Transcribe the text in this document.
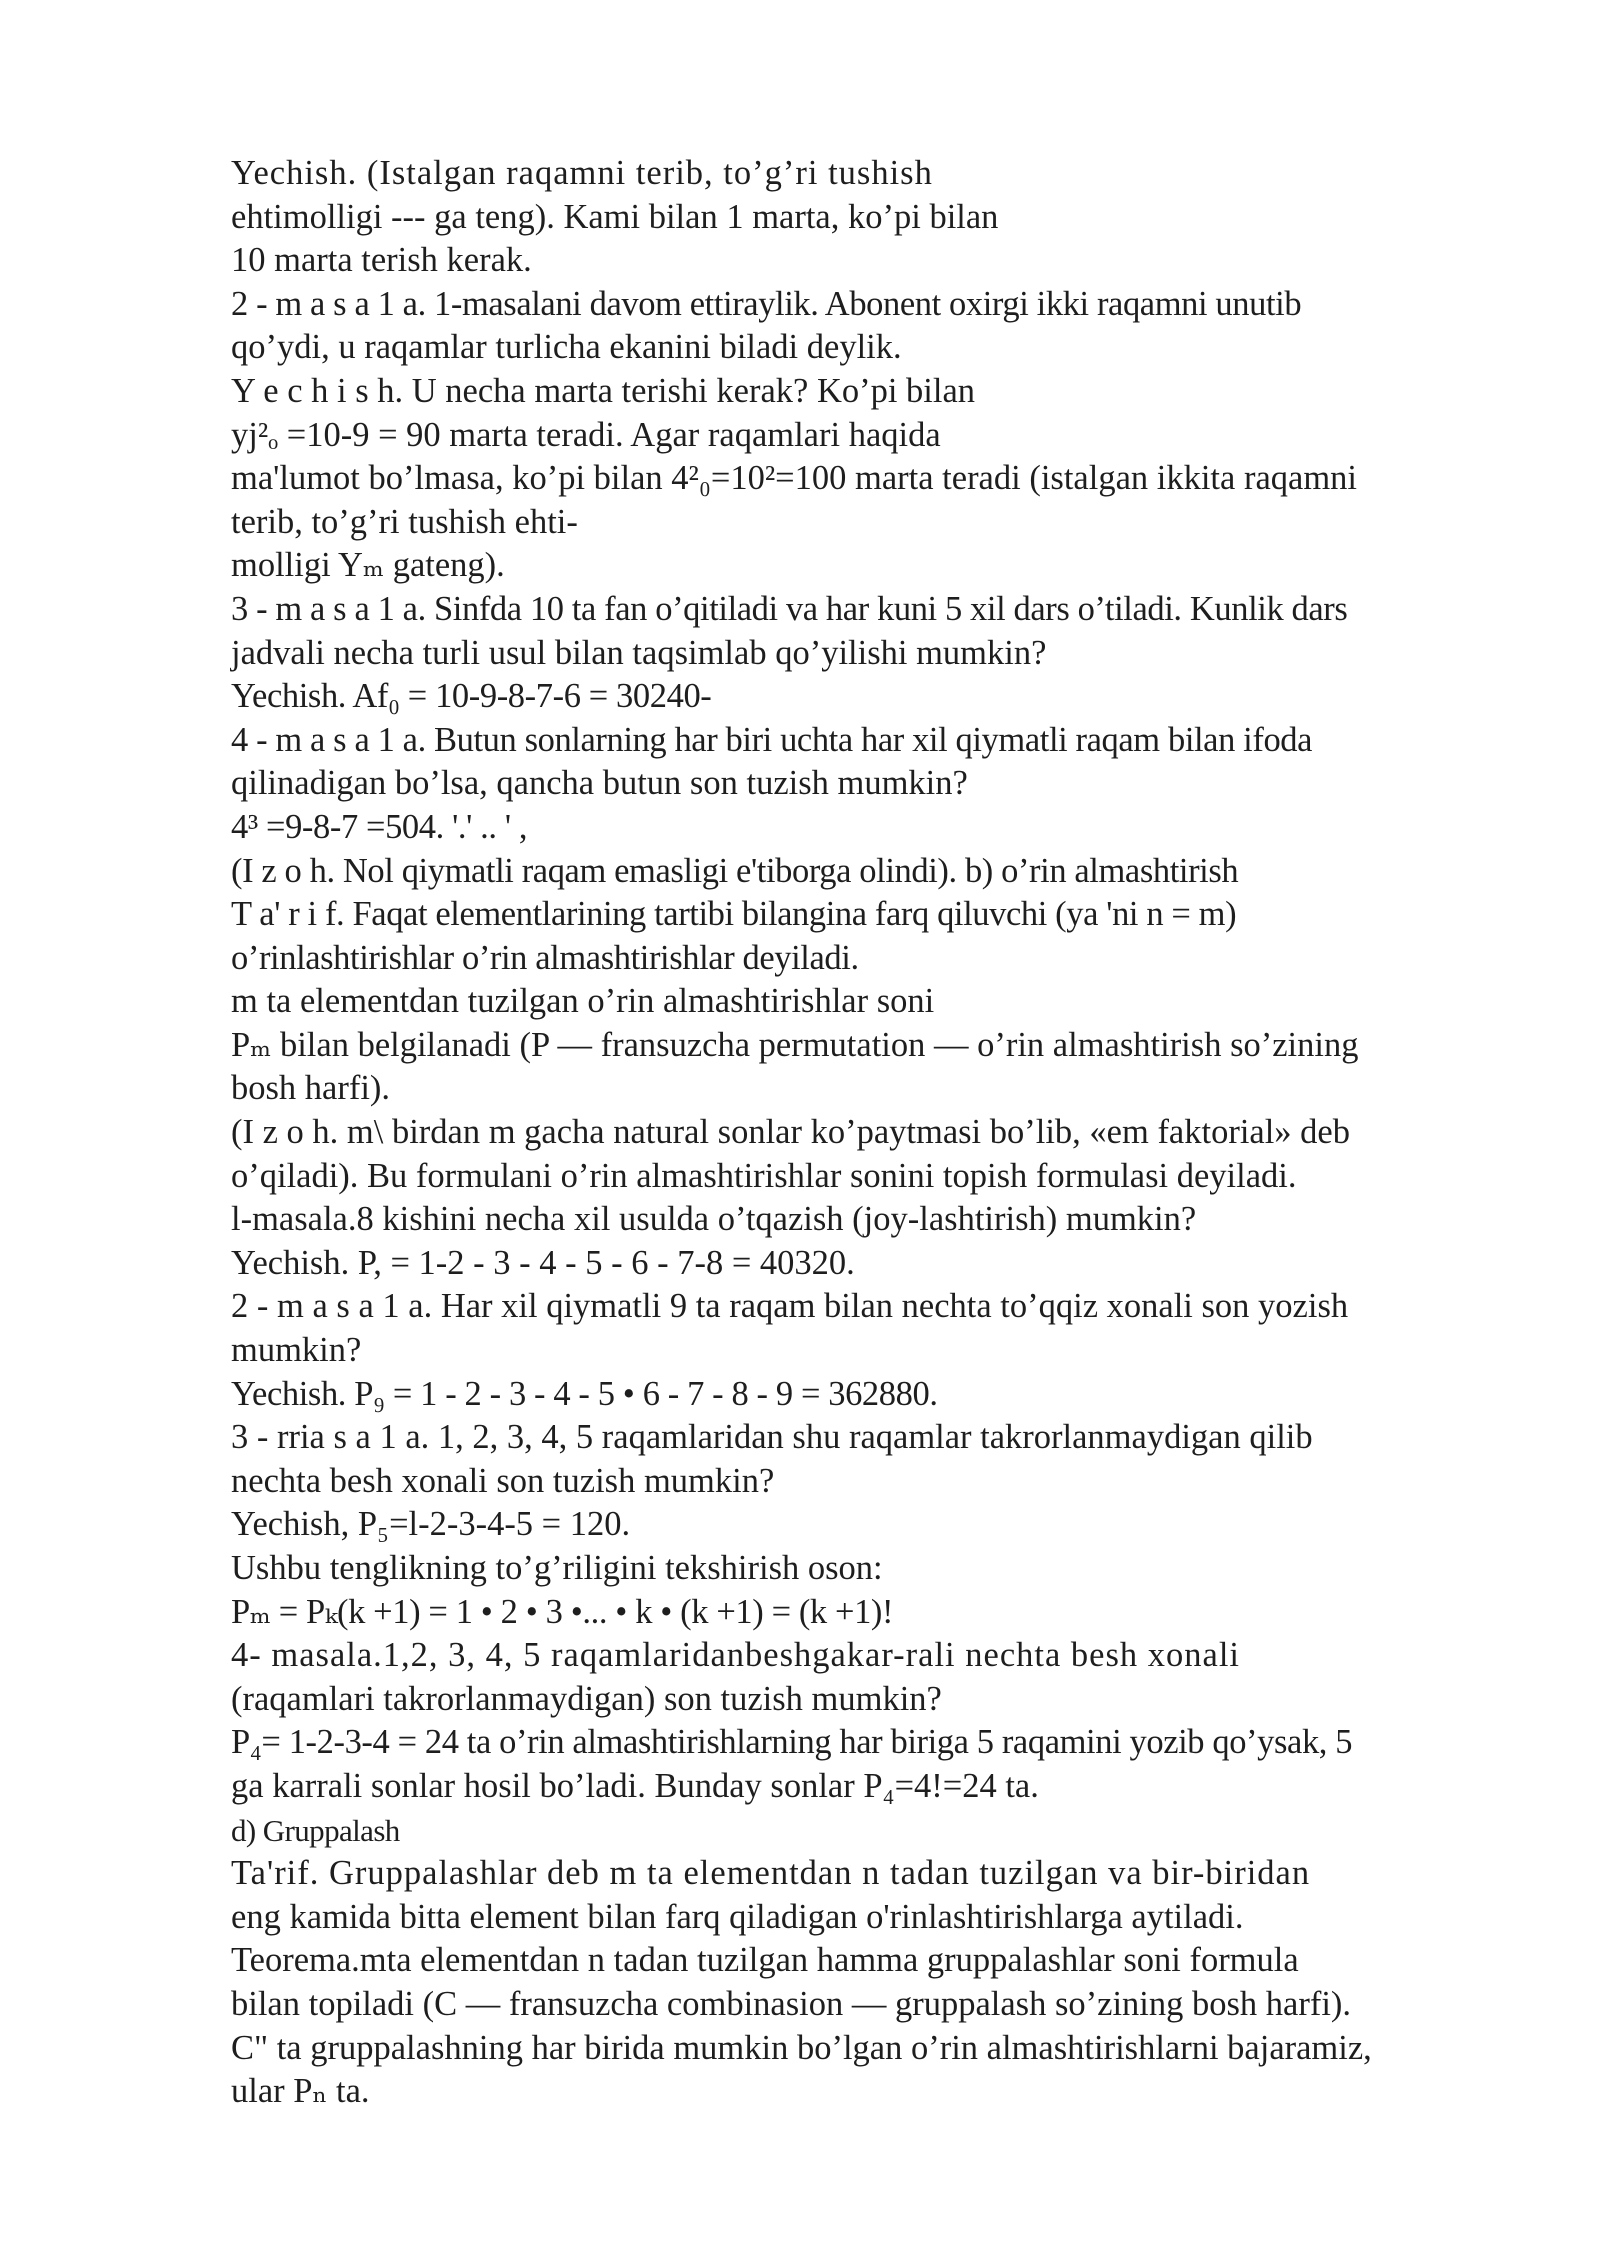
Yechish. (Istalgan raqamni terib, to’g’ri tushish

ehtimolligi --- ga teng). Kami bilan 1 marta, ko’pi bilan

10 marta terish kerak.

2 - m a s a 1 a. 1-masalani davom ettiraylik. Abonent oxirgi ikki raqamni unutib

qo’ydi, u raqamlar turlicha ekanini biladi deylik.

Y e c h i s h. U necha marta terishi kerak? Ko’pi bilan

yj²ₒ =10-9 = 90 marta teradi. Agar raqamlari haqida

ma'lumot bo’lmasa, ko’pi bilan 4²₀=10²=100 marta teradi (istalgan ikkita raqamni

terib, to’g’ri tushish ehti-

molligi Yₘ gateng).

3 - m a s a 1 a. Sinfda 10 ta fan o’qitiladi va har kuni 5 xil dars o’tiladi. Kunlik dars

jadvali necha turli usul bilan taqsimlab qo’yilishi mumkin?

Yechish. Af₀ = 10-9-8-7-6 = 30240-

4 - m a s a 1 a. Butun sonlarning har biri uchta har xil qiymatli raqam bilan ifoda

qilinadigan bo’lsa, qancha butun son tuzish mumkin?

4³ =9-8-7 =504. '.' .. ' ,

(I z o h. Nol qiymatli raqam emasligi e'tiborga olindi). b) o’rin almashtirish

T a' r i f. Faqat elementlarining tartibi bilangina farq qiluvchi (ya 'ni n = m)

o’rinlashtirishlar o’rin almashtirishlar deyiladi.

m ta elementdan tuzilgan o’rin almashtirishlar soni

Pₘ bilan belgilanadi (P — fransuzcha permutation — o’rin almashtirish so’zining

bosh harfi).

(I z o h. m\ birdan m gacha natural sonlar ko’paytmasi bo’lib, «em faktorial» deb

o’qiladi). Bu formulani o’rin almashtirishlar sonini topish formulasi deyiladi.

l-masala.8 kishini necha xil usulda o’tqazish (joy-lashtirish) mumkin?

Yechish. P, = 1-2 - 3 - 4 - 5 - 6 - 7-8 = 40320.

2 - m a s a 1 a. Har xil qiymatli 9 ta raqam bilan nechta to’qqiz xonali son yozish

mumkin?

Yechish. P₉ = 1 - 2 - 3 - 4 - 5 • 6 - 7 - 8 - 9 = 362880.

3 - rria s a 1 a. 1, 2, 3, 4, 5 raqamlaridan shu raqamlar takrorlanmaydigan qilib

nechta besh xonali son tuzish mumkin?

Yechish, P₅=l-2-3-4-5 = 120.

Ushbu tenglikning to’g’riligini tekshirish oson:

Pₘ = Pₖ(k +1) = 1 • 2 • 3 •... • k • (k +1) = (k +1)!

4- masala.1,2, 3, 4, 5 raqamlaridanbeshgakar-rali nechta besh xonali

(raqamlari takrorlanmaydigan) son tuzish mumkin?

P₄= 1-2-3-4 = 24 ta o’rin almashtirishlarning har biriga 5 raqamini yozib qo’ysak, 5

ga karrali sonlar hosil bo’ladi. Bunday sonlar P₄=4!=24 ta.

d) Gruppalash

Ta'rif. Gruppalashlar deb m ta elementdan n tadan tuzilgan va bir-biridan

eng kamida bitta element bilan farq qiladigan o'rinlashtirishlarga aytiladi.

Teorema.mta elementdan n tadan tuzilgan hamma gruppalashlar soni formula

bilan topiladi (C — fransuzcha combinasion — gruppalash so’zining bosh harfi).

C" ta gruppalashning har birida mumkin bo’lgan o’rin almashtirishlarni bajaramiz,

ular Pₙ ta.
